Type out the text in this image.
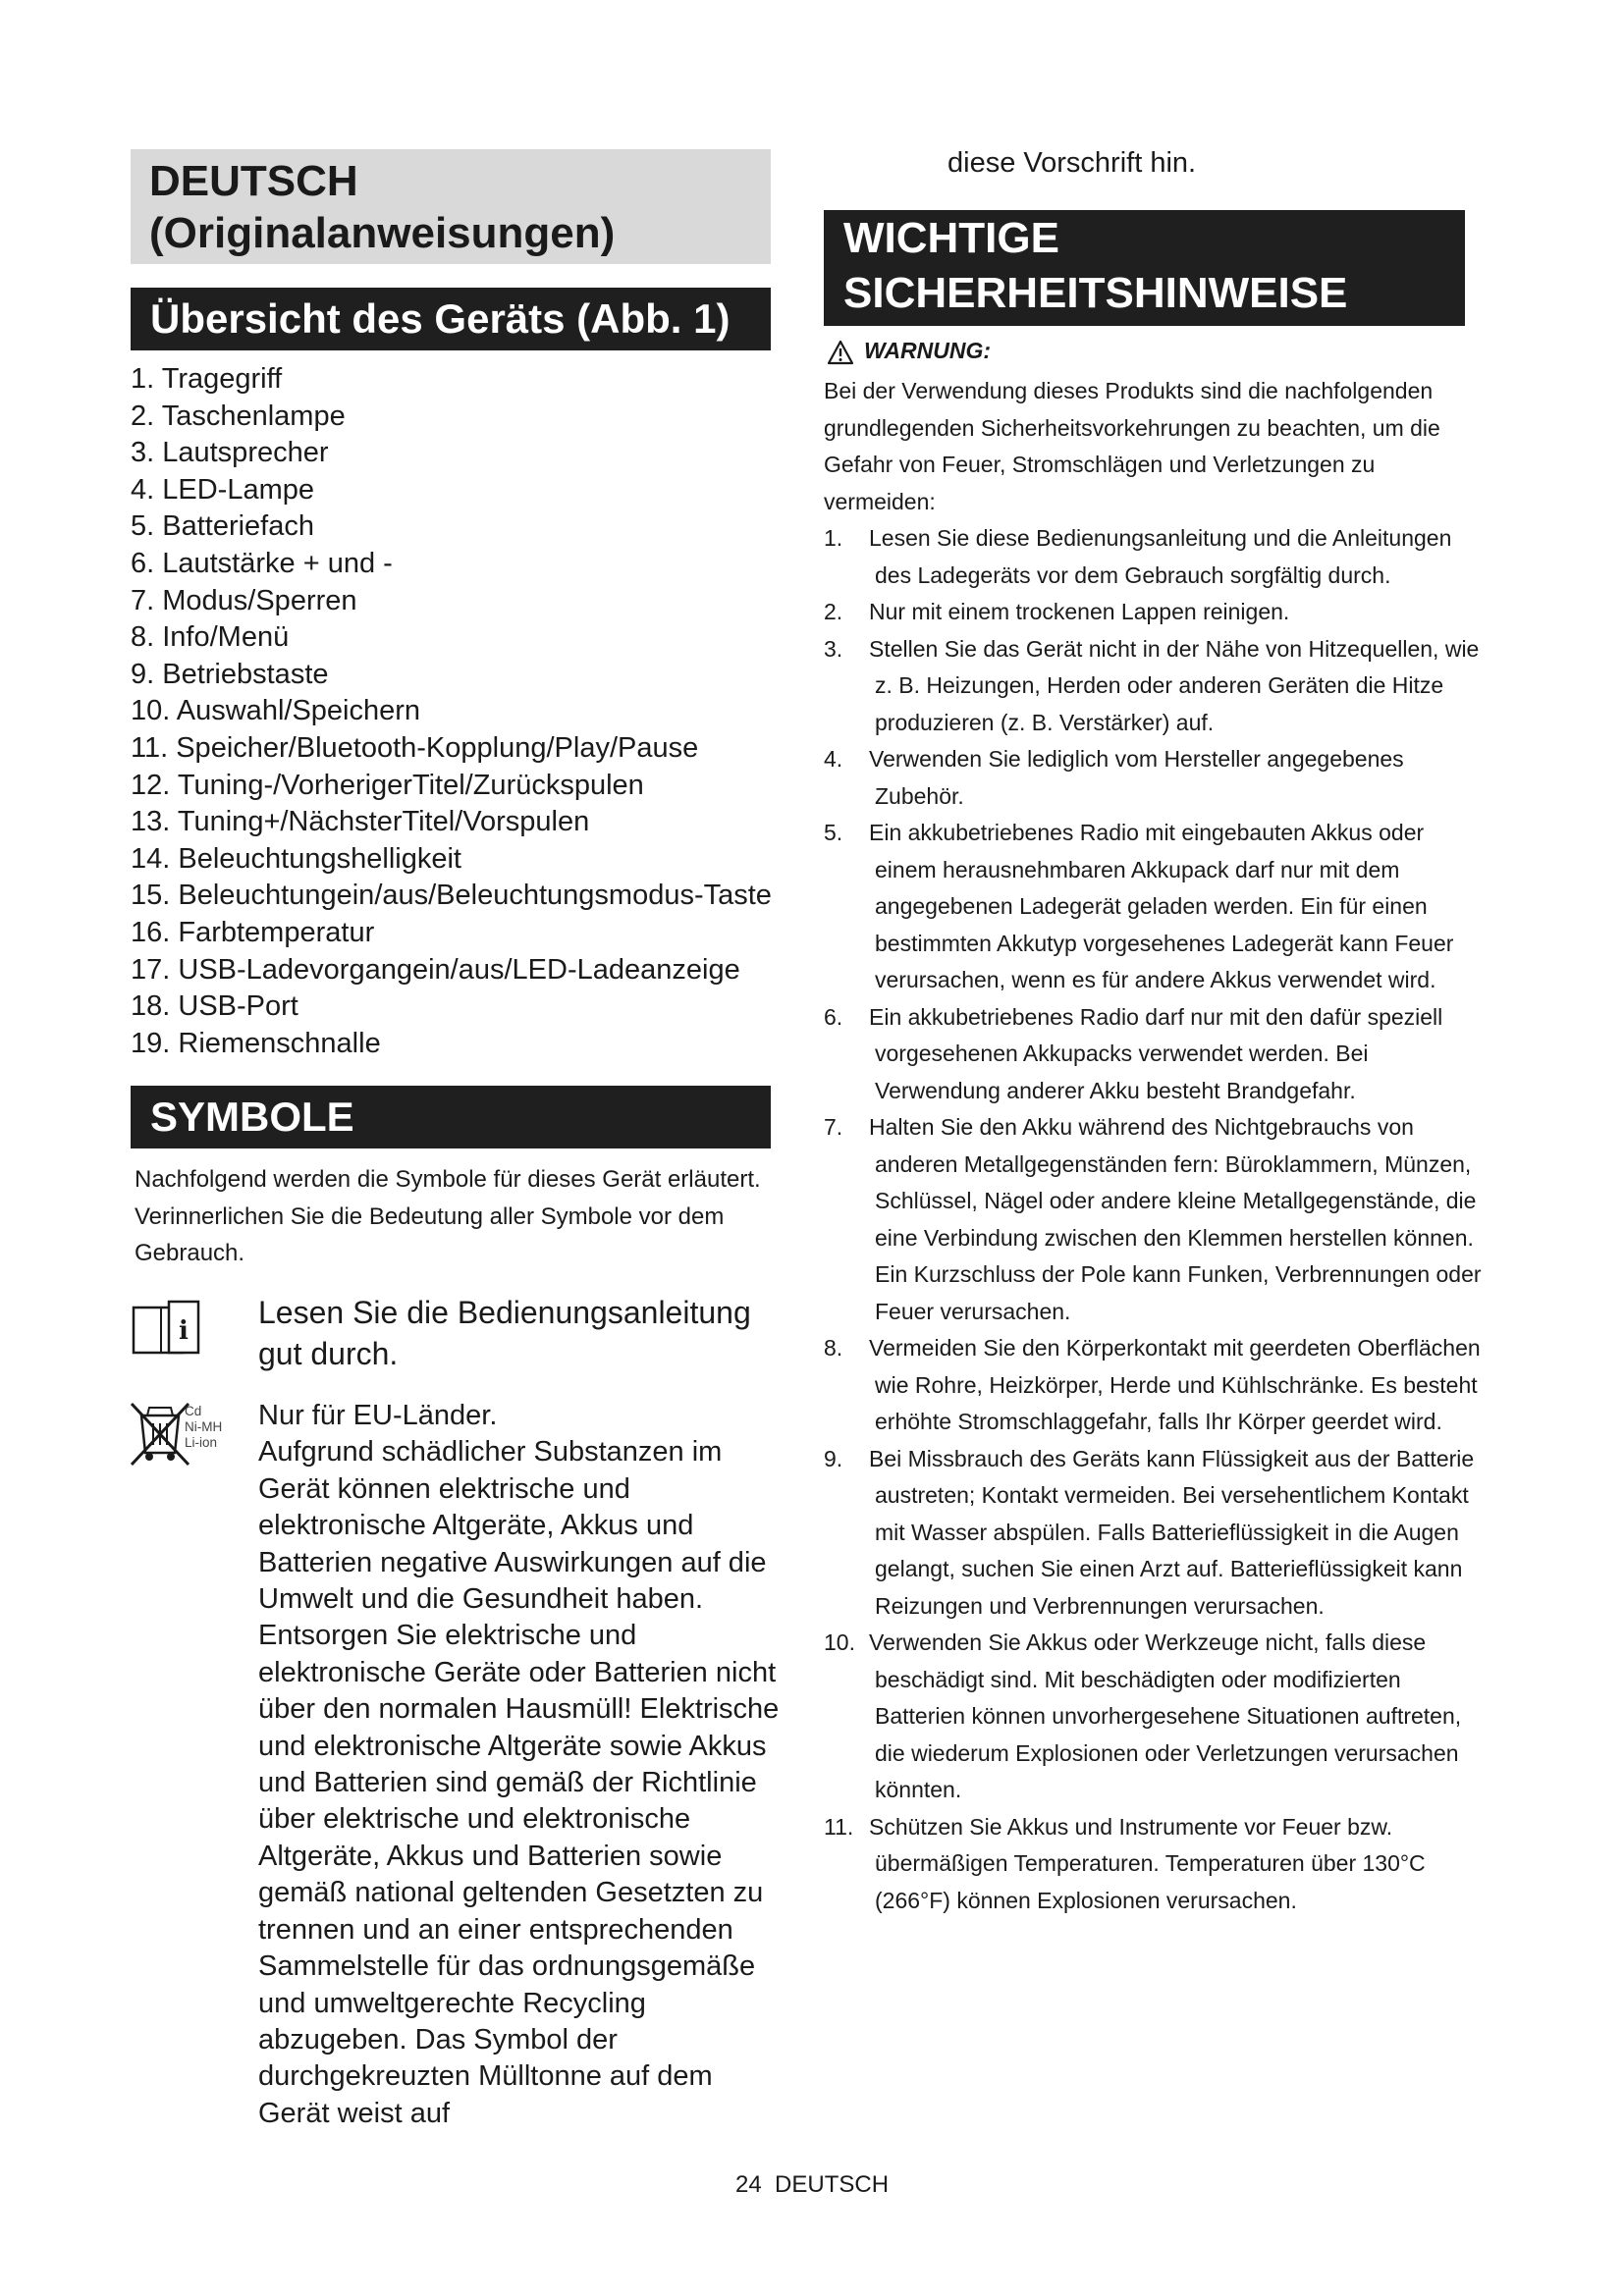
DEUTSCH
(Originalanweisungen)
Übersicht des Geräts (Abb. 1)
1. Tragegriff
2. Taschenlampe
3. Lautsprecher
4. LED-Lampe
5. Batteriefach
6. Lautstärke + und -
7. Modus/Sperren
8. Info/Menü
9. Betriebstaste
10. Auswahl/Speichern
11. Speicher/Bluetooth-Kopplung/Play/Pause
12. Tuning-/VorherigerTitel/Zurückspulen
13. Tuning+/NächsterTitel/Vorspulen
14. Beleuchtungshelligkeit
15. Beleuchtungein/aus/Beleuchtungsmodus-Taste
16. Farbtemperatur
17. USB-Ladevorgangein/aus/LED-Ladeanzeige
18. USB-Port
19. Riemenschnalle
SYMBOLE
Nachfolgend werden die Symbole für dieses Gerät erläutert. Verinnerlichen Sie die Bedeutung aller Symbole vor dem Gebrauch.
i
Lesen Sie die Bedienungsanleitung gut durch.
Cd
Ni-MH
Li-ion
Nur für EU-Länder.
Aufgrund schädlicher Substanzen im Gerät können elektrische und elektronische Altgeräte, Akkus und Batterien negative Auswirkungen auf die Umwelt und die Gesundheit haben. Entsorgen Sie elektrische und elektronische Geräte oder Batterien nicht über den normalen Hausmüll! Elektrische und elektronische Altgeräte sowie Akkus und Batterien sind gemäß der Richtlinie über elektrische und elektronische Altgeräte, Akkus und Batterien sowie gemäß national geltenden Gesetzten zu trennen und an einer entsprechenden Sammelstelle für das ordnungsgemäße und umweltgerechte Recycling abzugeben. Das Symbol der durchgekreuzten Mülltonne auf dem Gerät weist auf
diese Vorschrift hin.
WICHTIGE
SICHERHEITSHINWEISE
WARNUNG:
Bei der Verwendung dieses Produkts sind die nachfolgenden grundlegenden Sicherheitsvorkehrungen zu beachten, um die Gefahr von Feuer, Stromschlägen und Verletzungen zu vermeiden:
1. Lesen Sie diese Bedienungsanleitung und die Anleitungen des Ladegeräts vor dem Gebrauch sorgfältig durch.
2. Nur mit einem trockenen Lappen reinigen.
3. Stellen Sie das Gerät nicht in der Nähe von Hitzequellen, wie z. B. Heizungen, Herden oder anderen Geräten die Hitze produzieren (z. B. Verstärker) auf.
4. Verwenden Sie lediglich vom Hersteller angegebenes Zubehör.
5. Ein akkubetriebenes Radio mit eingebauten Akkus oder einem herausnehmbaren Akkupack darf nur mit dem angegebenen Ladegerät geladen werden. Ein für einen bestimmten Akkutyp vorgesehenes Ladegerät kann Feuer verursachen, wenn es für andere Akkus verwendet wird.
6. Ein akkubetriebenes Radio darf nur mit den dafür speziell vorgesehenen Akkupacks verwendet werden. Bei Verwendung anderer Akku besteht Brandgefahr.
7. Halten Sie den Akku während des Nichtgebrauchs von anderen Metallgegenständen fern: Büroklammern, Münzen, Schlüssel, Nägel oder andere kleine Metallgegenstände, die eine Verbindung zwischen den Klemmen herstellen können. Ein Kurzschluss der Pole kann Funken, Verbrennungen oder Feuer verursachen.
8. Vermeiden Sie den Körperkontakt mit geerdeten Oberflächen wie Rohre, Heizkörper, Herde und Kühlschränke. Es besteht erhöhte Stromschlaggefahr, falls Ihr Körper geerdet wird.
9. Bei Missbrauch des Geräts kann Flüssigkeit aus der Batterie austreten; Kontakt vermeiden. Bei versehentlichem Kontakt mit Wasser abspülen. Falls Batterieflüssigkeit in die Augen gelangt, suchen Sie einen Arzt auf. Batterieflüssigkeit kann Reizungen und Verbrennungen verursachen.
10. Verwenden Sie Akkus oder Werkzeuge nicht, falls diese beschädigt sind. Mit beschädigten oder modifizierten Batterien können unvorhergesehene Situationen auftreten, die wiederum Explosionen oder Verletzungen verursachen könnten.
11. Schützen Sie Akkus und Instrumente vor Feuer bzw. übermäßigen Temperaturen. Temperaturen über 130°C (266°F) können Explosionen verursachen.
24 DEUTSCH
